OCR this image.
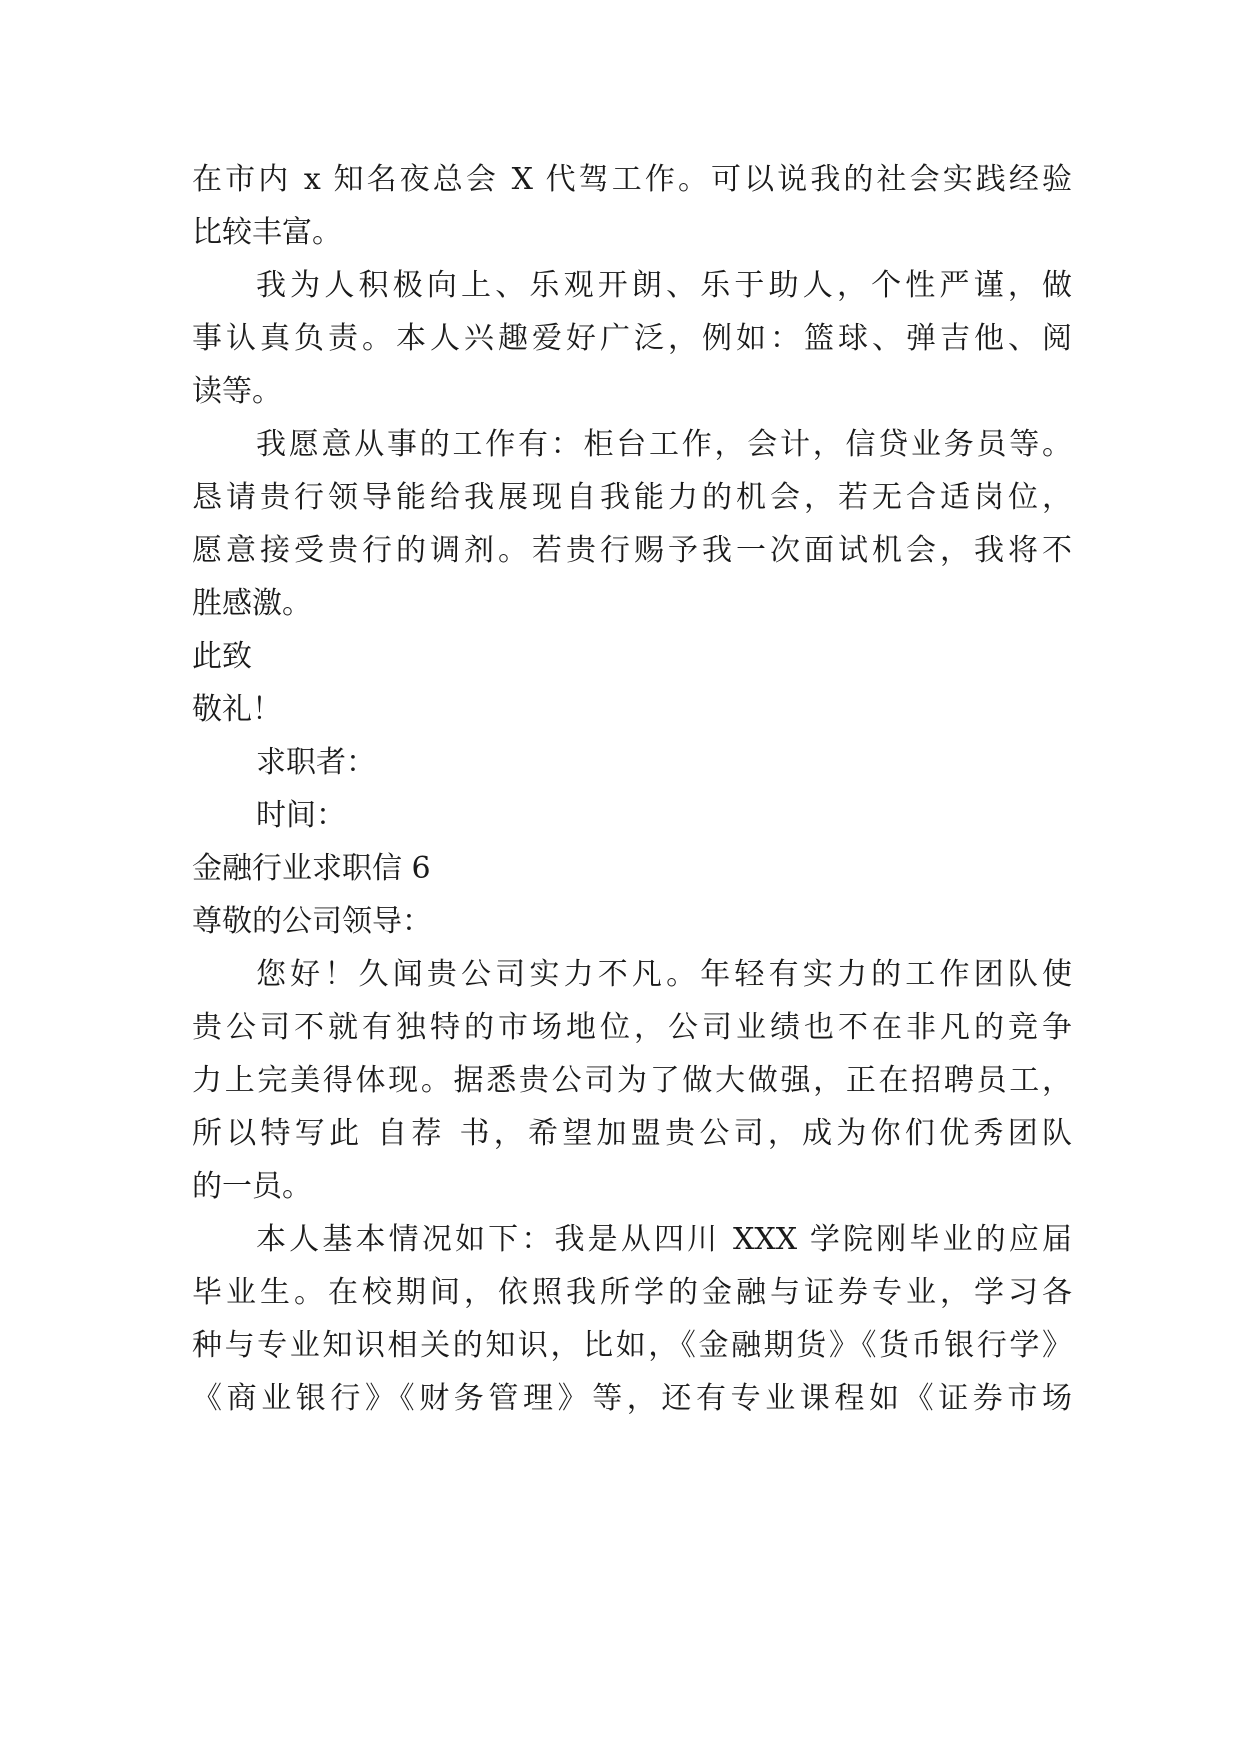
在市内 x 知名夜总会 X 代驾工作。可以说我的社会实践经验
比较丰富。
我为人积极向上、乐观开朗、乐于助人，个性严谨，做
事认真负责。本人兴趣爱好广泛，例如：篮球、弹吉他、阅
读等。
我愿意从事的工作有：柜台工作，会计，信贷业务员等。
恳请贵行领导能给我展现自我能力的机会，若无合适岗位，
愿意接受贵行的调剂。若贵行赐予我一次面试机会，我将不
胜感激。
此致
敬礼！
求职者：
时间：
金融行业求职信 6
尊敬的公司领导：
您好！久闻贵公司实力不凡。年轻有实力的工作团队使
贵公司不就有独特的市场地位，公司业绩也不在非凡的竞争
力上完美得体现。据悉贵公司为了做大做强，正在招聘员工，
所以特写此 自荐 书，希望加盟贵公司，成为你们优秀团队
的一员。
本人基本情况如下：我是从四川 XXX 学院刚毕业的应届
毕业生。在校期间，依照我所学的金融与证券专业，学习各
种与专业知识相关的知识，比如，《金融期货》《货币银行学》
《商业银行》《财务管理》等，还有专业课程如《证券市场
